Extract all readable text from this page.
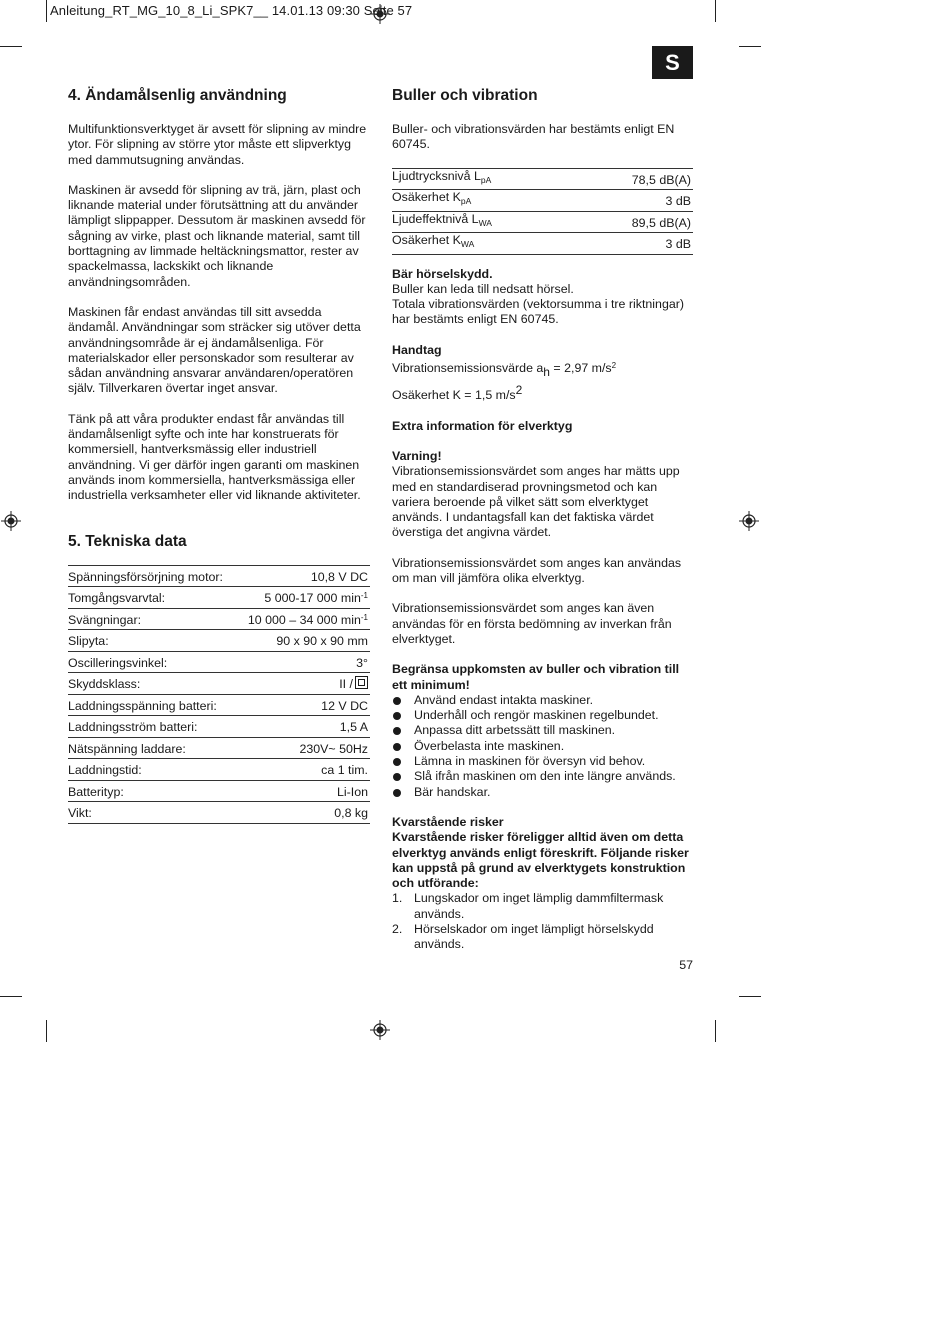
Anleitung_RT_MG_10_8_Li_SPK7__ 14.01.13 09:30 Seite 57
S
4. Ändamålsenlig användning

Multifunktionsverktyget är avsett för slipning av mindre ytor. För slipning av större ytor måste ett slipverktyg med dammutsugning användas.

Maskinen är avsedd för slipning av trä, järn, plast och liknande material under förutsättning att du använder lämpligt slippapper. Dessutom är maskinen avsedd för sågning av virke, plast och liknande material, samt till borttagning av limmade heltäckningsmattor, rester av spackelmassa, lackskikt och liknande användningsområden.

Maskinen får endast användas till sitt avsedda ändamål. Användningar som sträcker sig utöver detta användningsområde är ej ändamålsenliga. För materialskador eller personskador som resulterar av sådan användning ansvarar användaren/operatören själv. Tillverkaren övertar inget ansvar.

Tänk på att våra produkter endast får användas till ändamålsenligt syfte och inte har konstruerats för kommersiell, hantverksmässig eller industriell användning. Vi ger därför ingen garanti om maskinen används inom kommersiella, hantverksmässiga eller industriella verksamheter eller vid liknande aktiviteter.

5. Tekniska data
Spänningsförsörjning motor:	10,8 V DC
Tomgångsvarvtal:	5 000-17 000 $\min^{-1}$
Svängningar:	10 000 – 34 000 $\min^{-1}$
Slipyta:	90 x 90 x 90 mm
Oscilleringsvinkel:	3°
Skyddsklass:	II /
Laddningsspänning batteri:	12 V DC
Laddningsström batteri:	1,5 A
Nätspänning laddare:	230V~ 50Hz
Laddningstid:	ca 1 tim.
Batterityp:	Li-Ion
Vikt:	0,8 kg
Buller och vibration

Buller- och vibrationsvärden har bestämts enligt EN 60745.

Ljudtrycksnivå $L_{pA}$	78,5 dB(A)
Osäkerhet $K_{pA}$	3 dB
Ljudeffektnivå $L_{WA}$	89,5 dB(A)
Osäkerhet $K_{WA}$	3 dB

Bär hörselskydd.

Buller kan leda till nedsatt hörsel.

Totala vibrationsvärden (vektorsumma i tre riktningar) har bestämts enligt EN 60745.

Handtag

Vibrationsemissionsvärde $a_h = 2,97$ $m/s^2$

Osäkerhet K = 1,5 $m/s^2$

Extra information för elverktyg

Varning!

Vibrationsemissionsvärdet som anges har mätts upp med en standardiserad provningsmetod och kan variera beroende på vilket sätt som elverktyget används. I undantagsfall kan det faktiska värdet överstiga det angivna värdet.

Vibrationsemissionsvärdet som anges kan användas om man vill jämföra olika elverktyg.

Vibrationsemissionsvärdet som anges kan även användas för en första bedömning av inverkan från elverktyget.

Begränsa uppkomsten av buller och vibration till ett minimum!

Använd endast intakta maskiner.
Underhåll och rengör maskinen regelbundet.
Anpassa ditt arbetssätt till maskinen.
Överbelasta inte maskinen.
Lämna in maskinen för översyn vid behov.
Slå ifrån maskinen om den inte längre används.
Bär handskar.

Kvarstående risker

Kvarstående risker föreligger alltid även om detta elverktyg används enligt föreskrift. Följande risker kan uppstå på grund av elverktygets konstruktion och utförande:

1. Lungskador om inget lämplig dammfiltermask används.
2. Hörselskador om inget lämpligt hörselskydd används.
57
